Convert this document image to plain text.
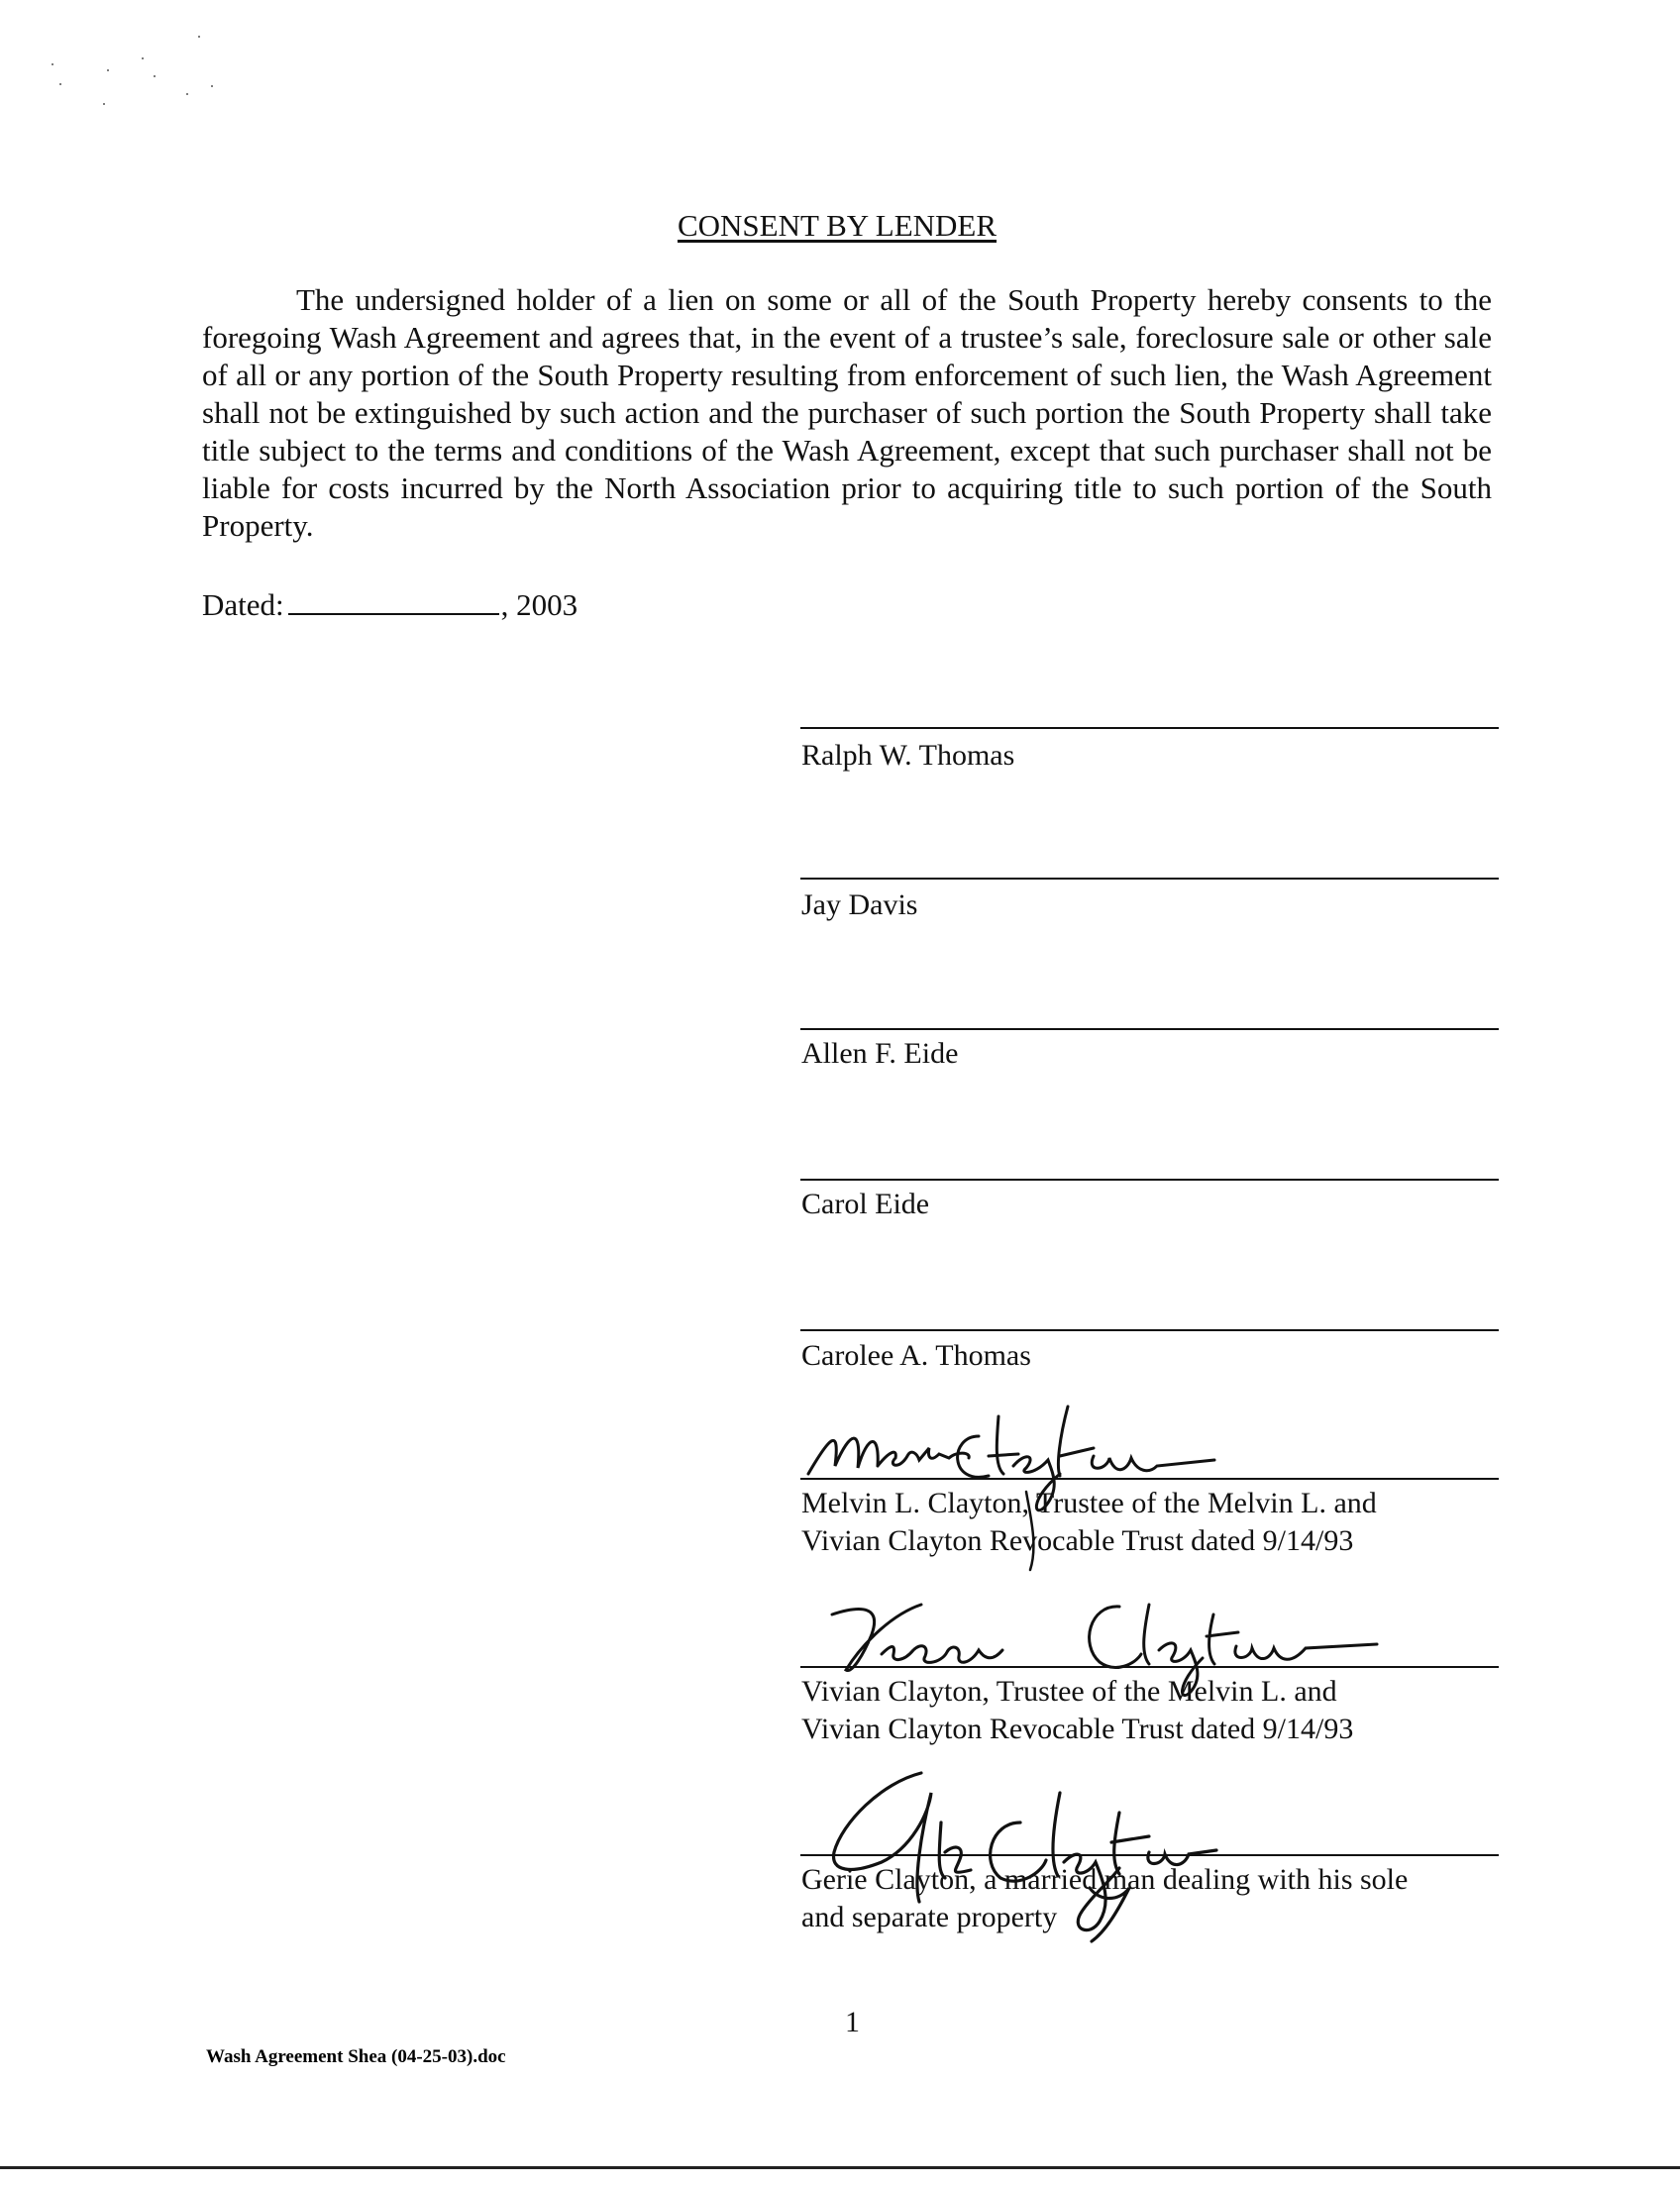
CONSENT BY LENDER

The undersigned holder of a lien on some or all of the South Property hereby consents to the foregoing Wash Agreement and agrees that, in the event of a trustee’s sale, foreclosure sale or other sale of all or any portion of the South Property resulting from enforcement of such lien, the Wash Agreement shall not be extinguished by such action and the purchaser of such portion the South Property shall take title subject to the terms and conditions of the Wash Agreement, except that such purchaser shall not be liable for costs incurred by the North Association prior to acquiring title to such portion of the South Property.

Dated:	, 2003
Ralph W. Thomas
Jay Davis
Allen F. Eide
Carol Eide
Carolee A. Thomas
Melvin L. Clayton, Trustee of the Melvin L. and
Vivian Clayton Revocable Trust dated 9/14/93
Vivian Clayton, Trustee of the Melvin L. and
Vivian Clayton Revocable Trust dated 9/14/93
Gerie Clayton, a married man dealing with his sole
and separate property
1
Wash Agreement Shea (04-25-03).doc
